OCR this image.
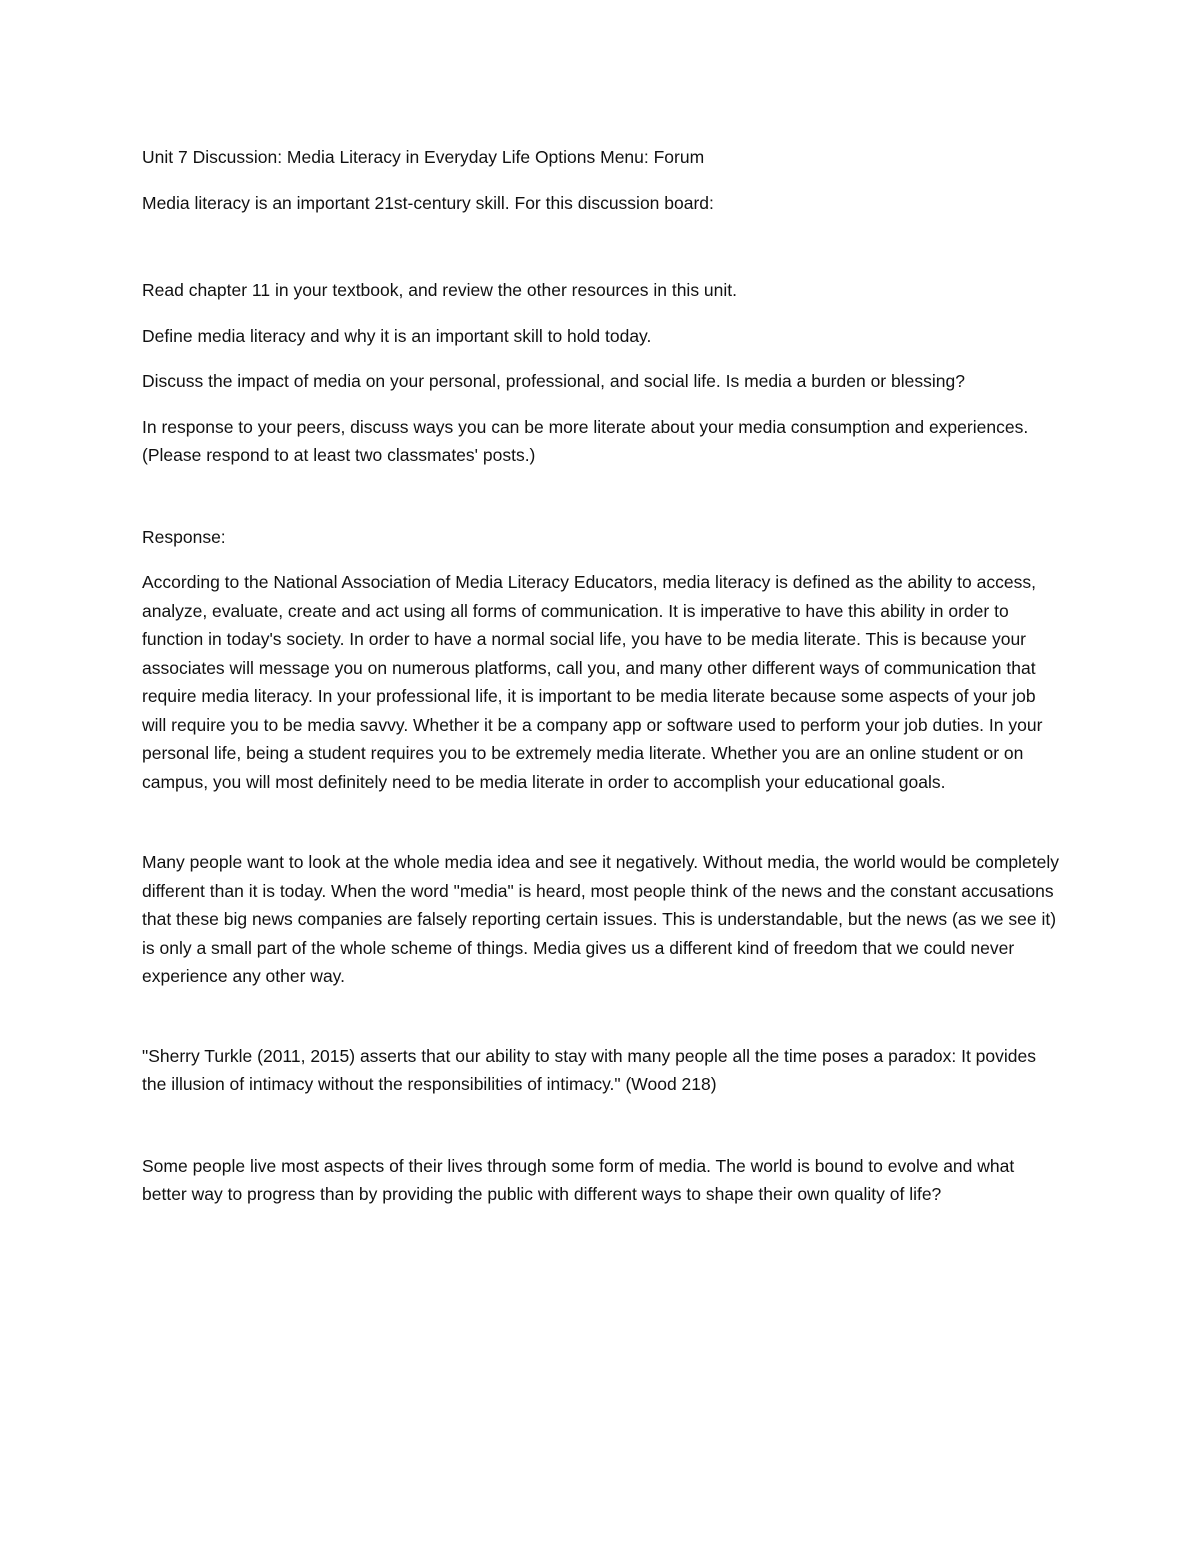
Unit 7 Discussion: Media Literacy in Everyday Life Options Menu: Forum

Media literacy is an important 21st-century skill. For this discussion board:

Read chapter 11 in your textbook, and review the other resources in this unit.

Define media literacy and why it is an important skill to hold today.

Discuss the impact of media on your personal, professional, and social life. Is media a burden or blessing?

In response to your peers, discuss ways you can be more literate about your media consumption and experiences. (Please respond to at least two classmates' posts.)

Response:

According to the National Association of Media Literacy Educators, media literacy is defined as the ability to access, analyze, evaluate, create and act using all forms of communication. It is imperative to have this ability in order to function in today's society. In order to have a normal social life, you have to be media literate. This is because your associates will message you on numerous platforms, call you, and many other different ways of communication that require media literacy. In your professional life, it is important to be media literate because some aspects of your job will require you to be media savvy. Whether it be a company app or software used to perform your job duties. In your personal life, being a student requires you to be extremely media literate. Whether you are an online student or on campus, you will most definitely need to be media literate in order to accomplish your educational goals.

Many people want to look at the whole media idea and see it negatively. Without media, the world would be completely different than it is today. When the word "media" is heard, most people think of the news and the constant accusations that these big news companies are falsely reporting certain issues. This is understandable, but the news (as we see it) is only a small part of the whole scheme of things. Media gives us a different kind of freedom that we could never experience any other way.

"Sherry Turkle (2011, 2015) asserts that our ability to stay with many people all the time poses a paradox: It povides the illusion of intimacy without the responsibilities of intimacy." (Wood 218)

Some people live most aspects of their lives through some form of media. The world is bound to evolve and what better way to progress than by providing the public with different ways to shape their own quality of life?
